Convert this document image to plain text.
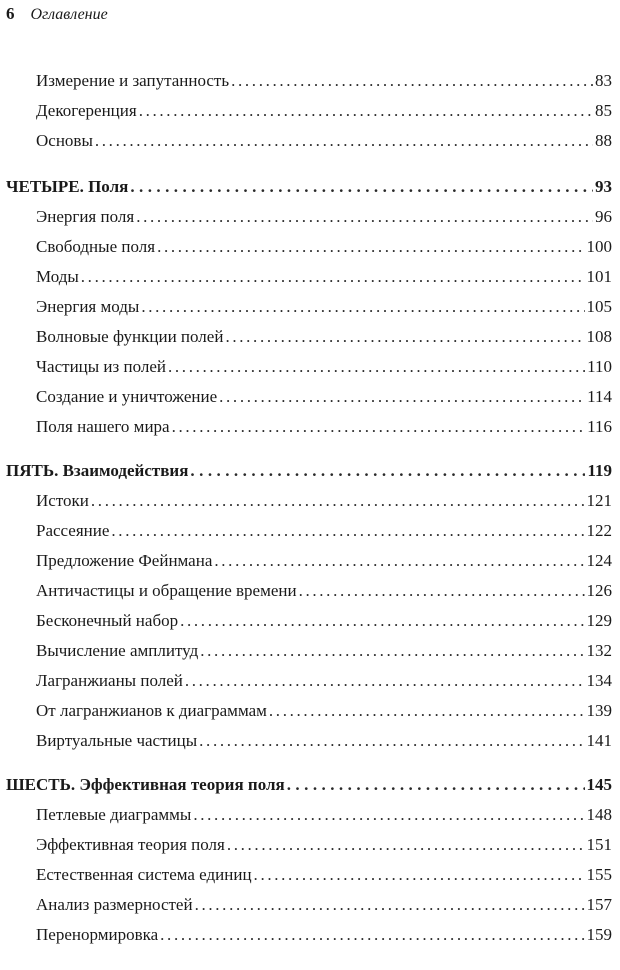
6 Оглавление
Измерение и запутанность . . .	83
Декогеренция . . .	85
Основы . . .	88
ЧЕТЫРЕ. Поля . . .	93
Энергия поля . . .	96
Свободные поля . . .	100
Моды . . .	101
Энергия моды . . .	105
Волновые функции полей . . .	108
Частицы из полей . . .	110
Создание и уничтожение . . .	114
Поля нашего мира . . .	116
ПЯТЬ. Взаимодействия . . .	119
Истоки . . .	121
Рассеяние . . .	122
Предложение Фейнмана . . .	124
Античастицы и обращение времени . . .	126
Бесконечный набор . . .	129
Вычисление амплитуд . . .	132
Лагранжианы полей . . .	134
От лагранжианов к диаграммам . . .	139
Виртуальные частицы . . .	141
ШЕСТЬ. Эффективная теория поля . . .	145
Петлевые диаграммы . . .	148
Эффективная теория поля . . .	151
Естественная система единиц . . .	155
Анализ размерностей . . .	157
Перенормировка . . .	159
